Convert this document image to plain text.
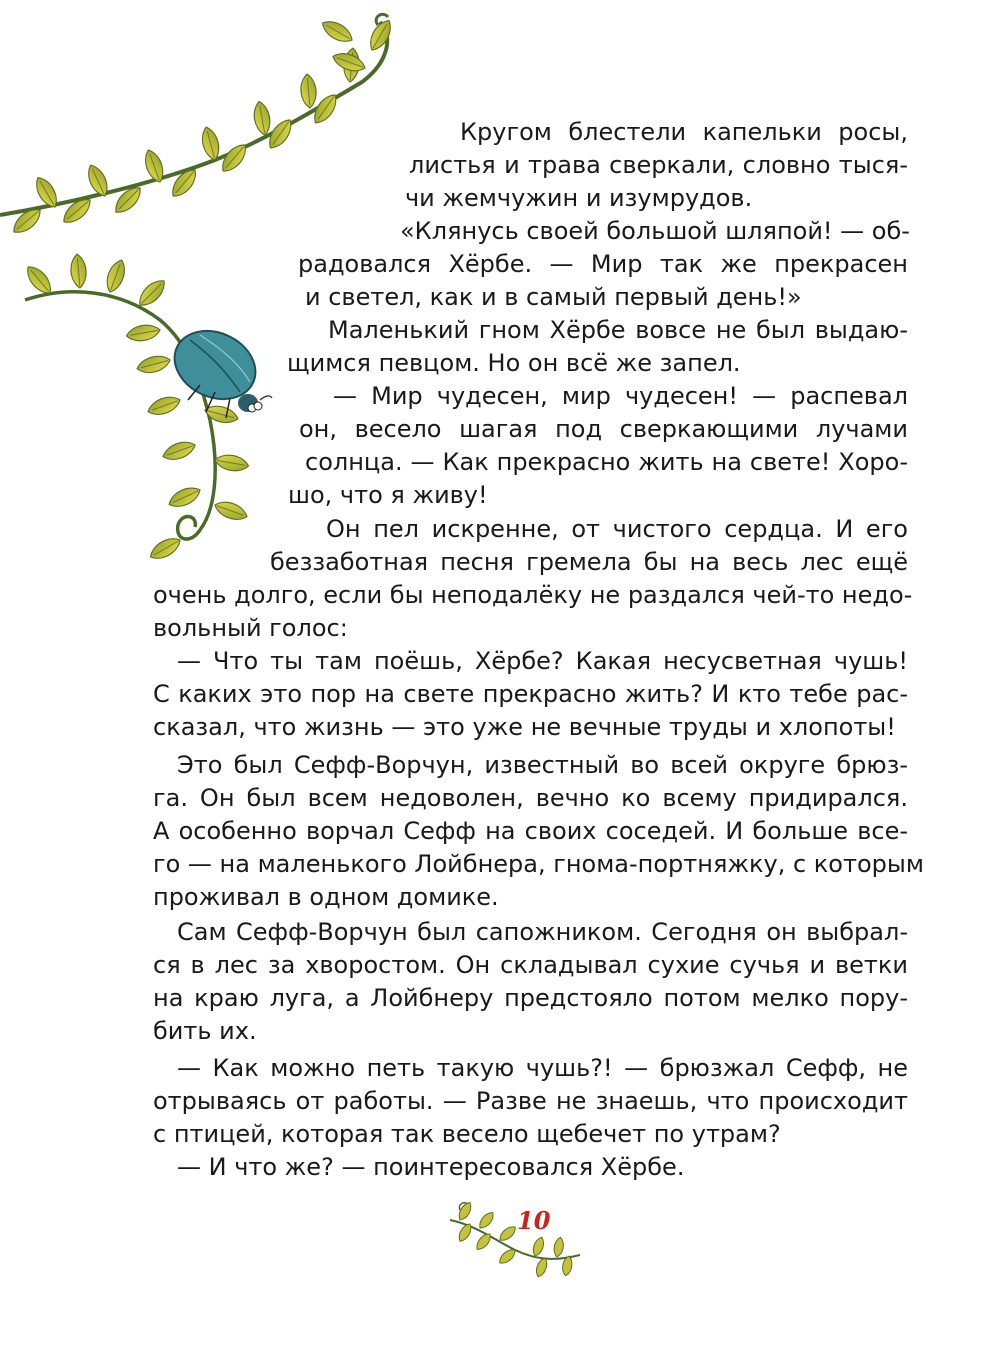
Кругом блестели капельки росы,
листья и трава сверкали, словно тыся-
чи жемчужин и изумрудов.
«Клянусь своей большой шляпой! — об-
радовался Хёрбе. — Мир так же прекрасен
и светел, как и в самый первый день!»
Маленький гном Хёрбе вовсе не был выдаю-
щимся певцом. Но он всё же запел.
— Мир чудесен, мир чудесен! — распевал
он, весело шагая под сверкающими лучами
солнца. — Как прекрасно жить на свете! Хоро-
шо, что я живу!
Он пел искренне, от чистого сердца. И его
беззаботная песня гремела бы на весь лес ещё
очень долго, если бы неподалёку не раздался чей-то недо-
вольный голос:
— Что ты там поёшь, Хёрбе? Какая несусветная чушь!
С каких это пор на свете прекрасно жить? И кто тебе рас-
сказал, что жизнь — это уже не вечные труды и хлопоты!
Это был Сефф-Ворчун, известный во всей округе брюз-
га. Он был всем недоволен, вечно ко всему придирался.
А особенно ворчал Сефф на своих соседей. И больше все-
го — на маленького Лойбнера, гнома-портняжку, с которым
проживал в одном домике.
Сам Сефф-Ворчун был сапожником. Сегодня он выбрал-
ся в лес за хворостом. Он складывал сухие сучья и ветки
на краю луга, а Лойбнеру предстояло потом мелко пору-
бить их.
— Как можно петь такую чушь?! — брюзжал Сефф, не
отрываясь от работы. — Разве не знаешь, что происходит
с птицей, которая так весело щебечет по утрам?
— И что же? — поинтересовался Хёрбе.
10
